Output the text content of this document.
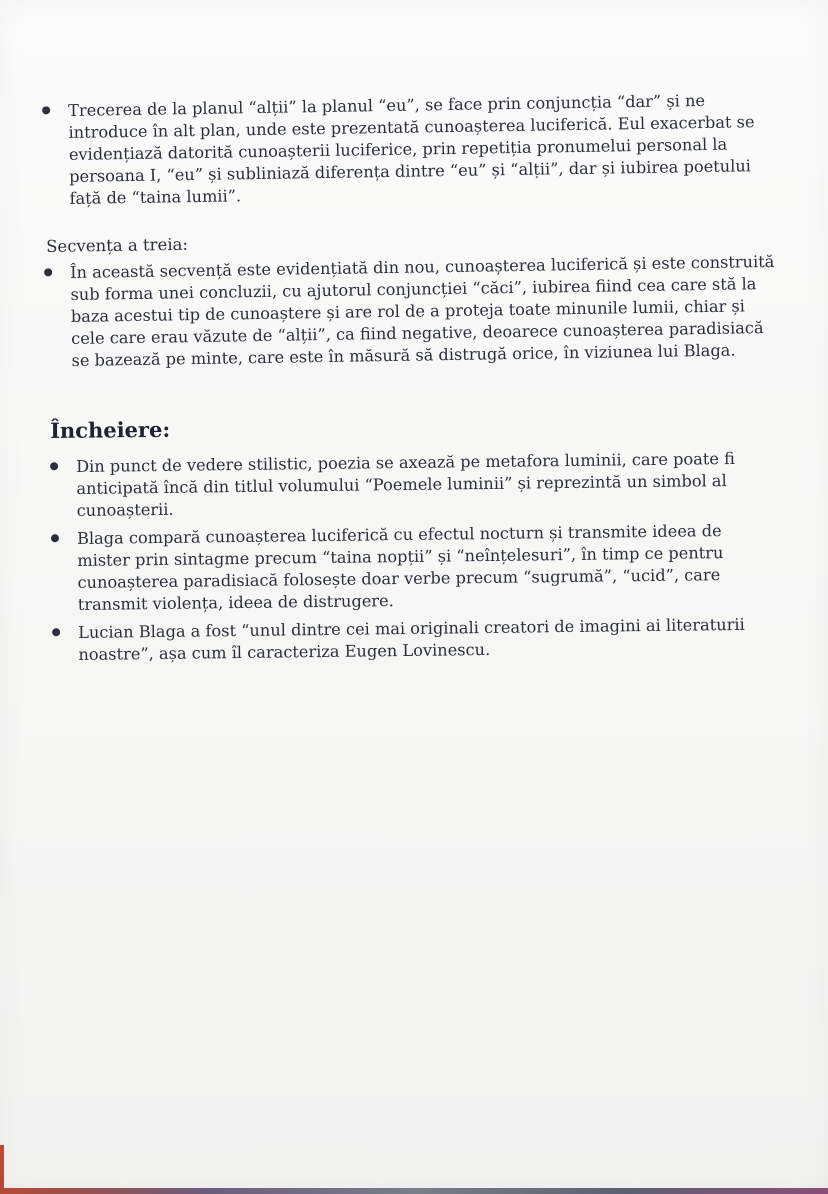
Trecerea de la planul “alții” la planul “eu”, se face prin conjuncția “dar” și ne introduce în alt plan, unde este prezentată cunoașterea luciferică. Eul exacerbat se evidențiază datorită cunoașterii luciferice, prin repetiția pronumelui personal la persoana I, “eu” și subliniază diferența dintre “eu” și “alții”, dar și iubirea poetului față de “taina lumii”.
Secvența a treia:
În această secvență este evidențiată din nou, cunoașterea luciferică și este construită sub forma unei concluzii, cu ajutorul conjuncției “căci”, iubirea fiind cea care stă la baza acestui tip de cunoaștere și are rol de a proteja toate minunile lumii, chiar și cele care erau văzute de “alții”, ca fiind negative, deoarece cunoașterea paradisiacă se bazează pe minte, care este în măsură să distrugă orice, în viziunea lui Blaga.
Încheiere:
Din punct de vedere stilistic, poezia se axează pe metafora luminii, care poate fi anticipată încă din titlul volumului “Poemele luminii” și reprezintă un simbol al cunoașterii.
Blaga compară cunoașterea luciferică cu efectul nocturn și transmite ideea de mister prin sintagme precum “taina nopții” și “neînțelesuri”, în timp ce pentru cunoașterea paradisiacă folosește doar verbe precum “sugrumă”, “ucid”, care transmit violența, ideea de distrugere.
Lucian Blaga a fost “unul dintre cei mai originali creatori de imagini ai literaturii noastre”, așa cum îl caracteriza Eugen Lovinescu.
